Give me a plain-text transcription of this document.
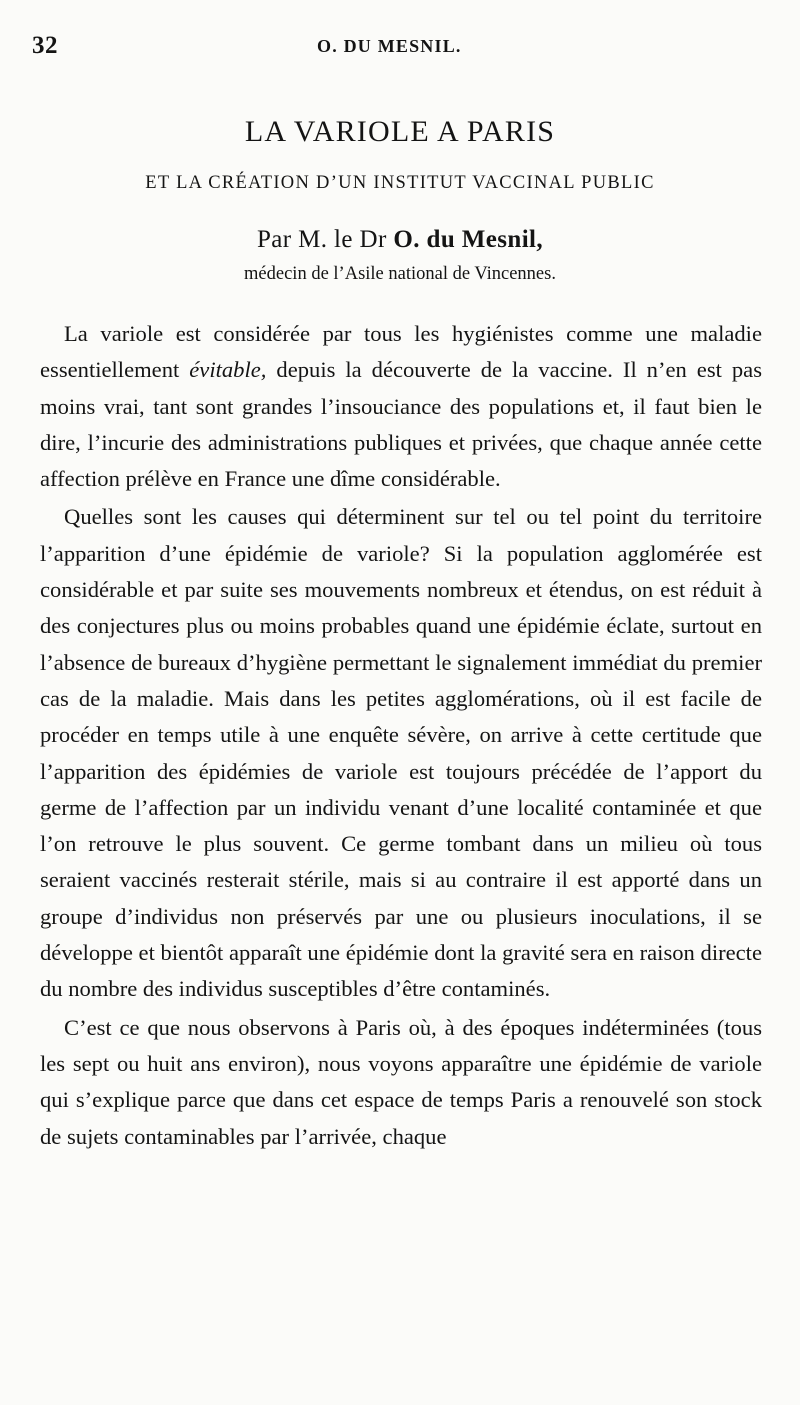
32	O. DU MESNIL.
LA VARIOLE A PARIS
ET LA CRÉATION D’UN INSTITUT VACCINAL PUBLIC
Par M. le Dr O. du Mesnil,
médecin de l’Asile national de Vincennes.

La variole est considérée par tous les hygiénistes comme une maladie essentiellement évitable, depuis la découverte de la vaccine. Il n’en est pas moins vrai, tant sont grandes l’insouciance des populations et, il faut bien le dire, l’incurie des administrations publiques et privées, que chaque année cette affection prélève en France une dîme considérable.

Quelles sont les causes qui déterminent sur tel ou tel point du territoire l’apparition d’une épidémie de variole? Si la population agglomérée est considérable et par suite ses mouvements nombreux et étendus, on est réduit à des conjectures plus ou moins probables quand une épidémie éclate, surtout en l’absence de bureaux d’hygiène permettant le signalement immédiat du premier cas de la maladie. Mais dans les petites agglomérations, où il est facile de procéder en temps utile à une enquête sévère, on arrive à cette certitude que l’apparition des épidémies de variole est toujours précédée de l’apport du germe de l’affection par un individu venant d’une localité contaminée et que l’on retrouve le plus souvent. Ce germe tombant dans un milieu où tous seraient vaccinés resterait stérile, mais si au contraire il est apporté dans un groupe d’individus non préservés par une ou plusieurs inoculations, il se développe et bientôt apparaît une épidémie dont la gravité sera en raison directe du nombre des individus susceptibles d’être contaminés.

C’est ce que nous observons à Paris où, à des époques indéterminées (tous les sept ou huit ans environ), nous voyons apparaître une épidémie de variole qui s’explique parce que dans cet espace de temps Paris a renouvelé son stock de sujets contaminables par l’arrivée, chaque
